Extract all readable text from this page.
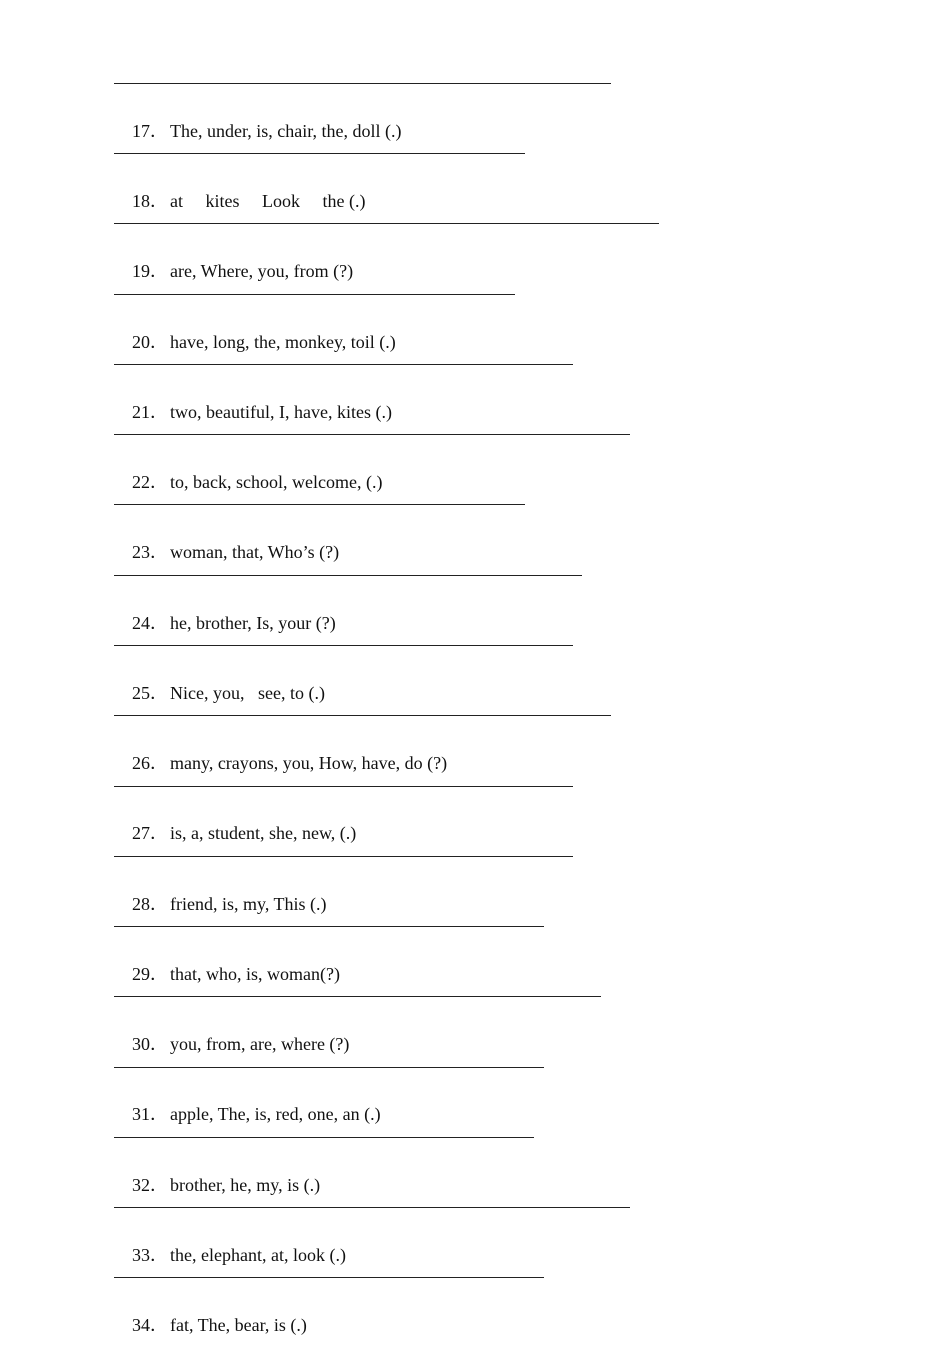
17． The, under, is, chair, the, doll (.)

18． at     kites     Look     the (.)

19． are, Where, you, from (?)

20． have, long, the, monkey, toil (.)

21． two, beautiful, I, have, kites (.)

22． to, back, school, welcome, (.)

23． woman, that, Who’s (?)

24． he, brother, Is, your (?)

25． Nice, you,   see, to (.)

26． many, crayons, you, How, have, do (?)

27． is, a, student, she, new, (.)

28． friend, is, my, This (.)

29． that, who, is, woman(?)

30． you, from, are, where (?)

31． apple, The, is, red, one, an (.)

32． brother, he, my, is (.)

33． the, elephant, at, look (.)

34． fat, The, bear, is (.)
